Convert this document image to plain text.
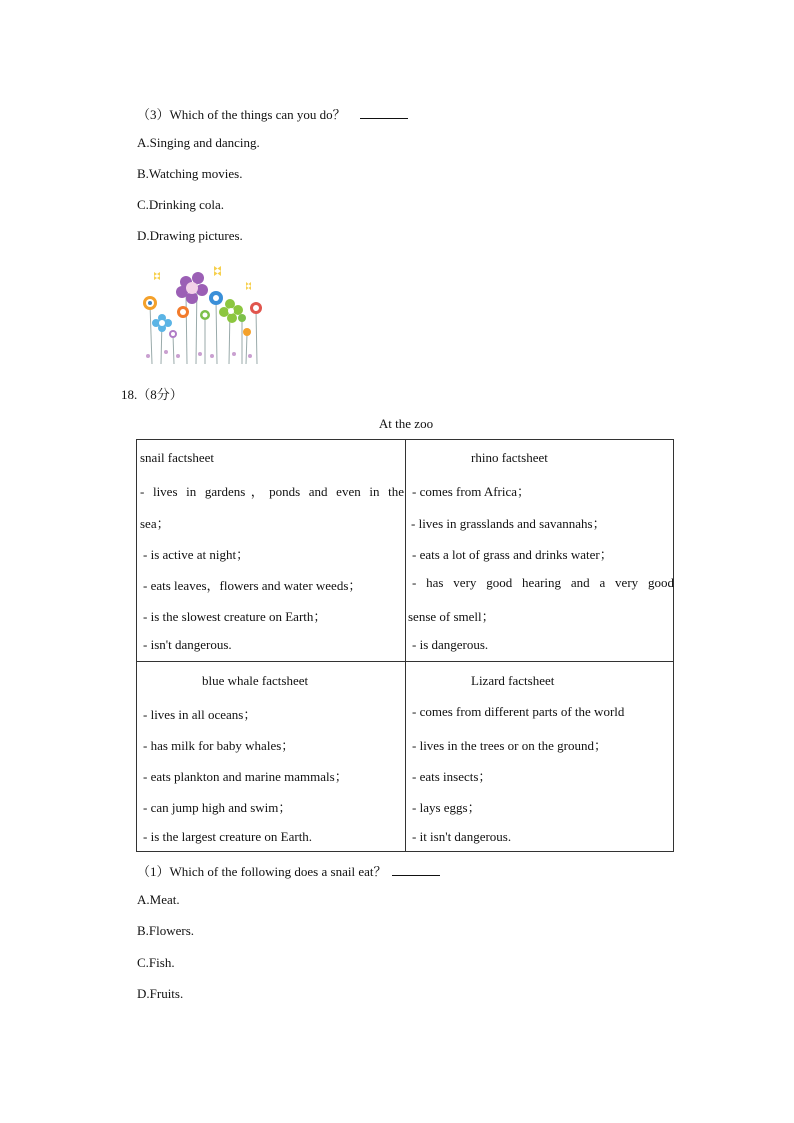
（3）Which of the things can you do？
A.Singing and dancing.
B.Watching movies.
C.Drinking cola.
D.Drawing pictures.
18.（8分）
At the zoo
snail factsheet
- lives in gardens，ponds and even in the
sea；
- is active at night；
- eats leaves，flowers and water weeds；
- is the slowest creature on Earth；
- isn't dangerous.
rhino factsheet
- comes from Africa；
- lives in grasslands and savannahs；
- eats a lot of grass and drinks water；
- has very good hearing and a very good
sense of smell；
- is dangerous.
blue whale factsheet
- lives in all oceans；
- has milk for baby whales；
- eats plankton and marine mammals；
- can jump high and swim；
- is the largest creature on Earth.
Lizard factsheet
- comes from different parts of the world
- lives in the trees or on the ground；
- eats insects；
- lays eggs；
- it isn't dangerous.
（1）Which of the following does a snail eat？
A.Meat.
B.Flowers.
C.Fish.
D.Fruits.
